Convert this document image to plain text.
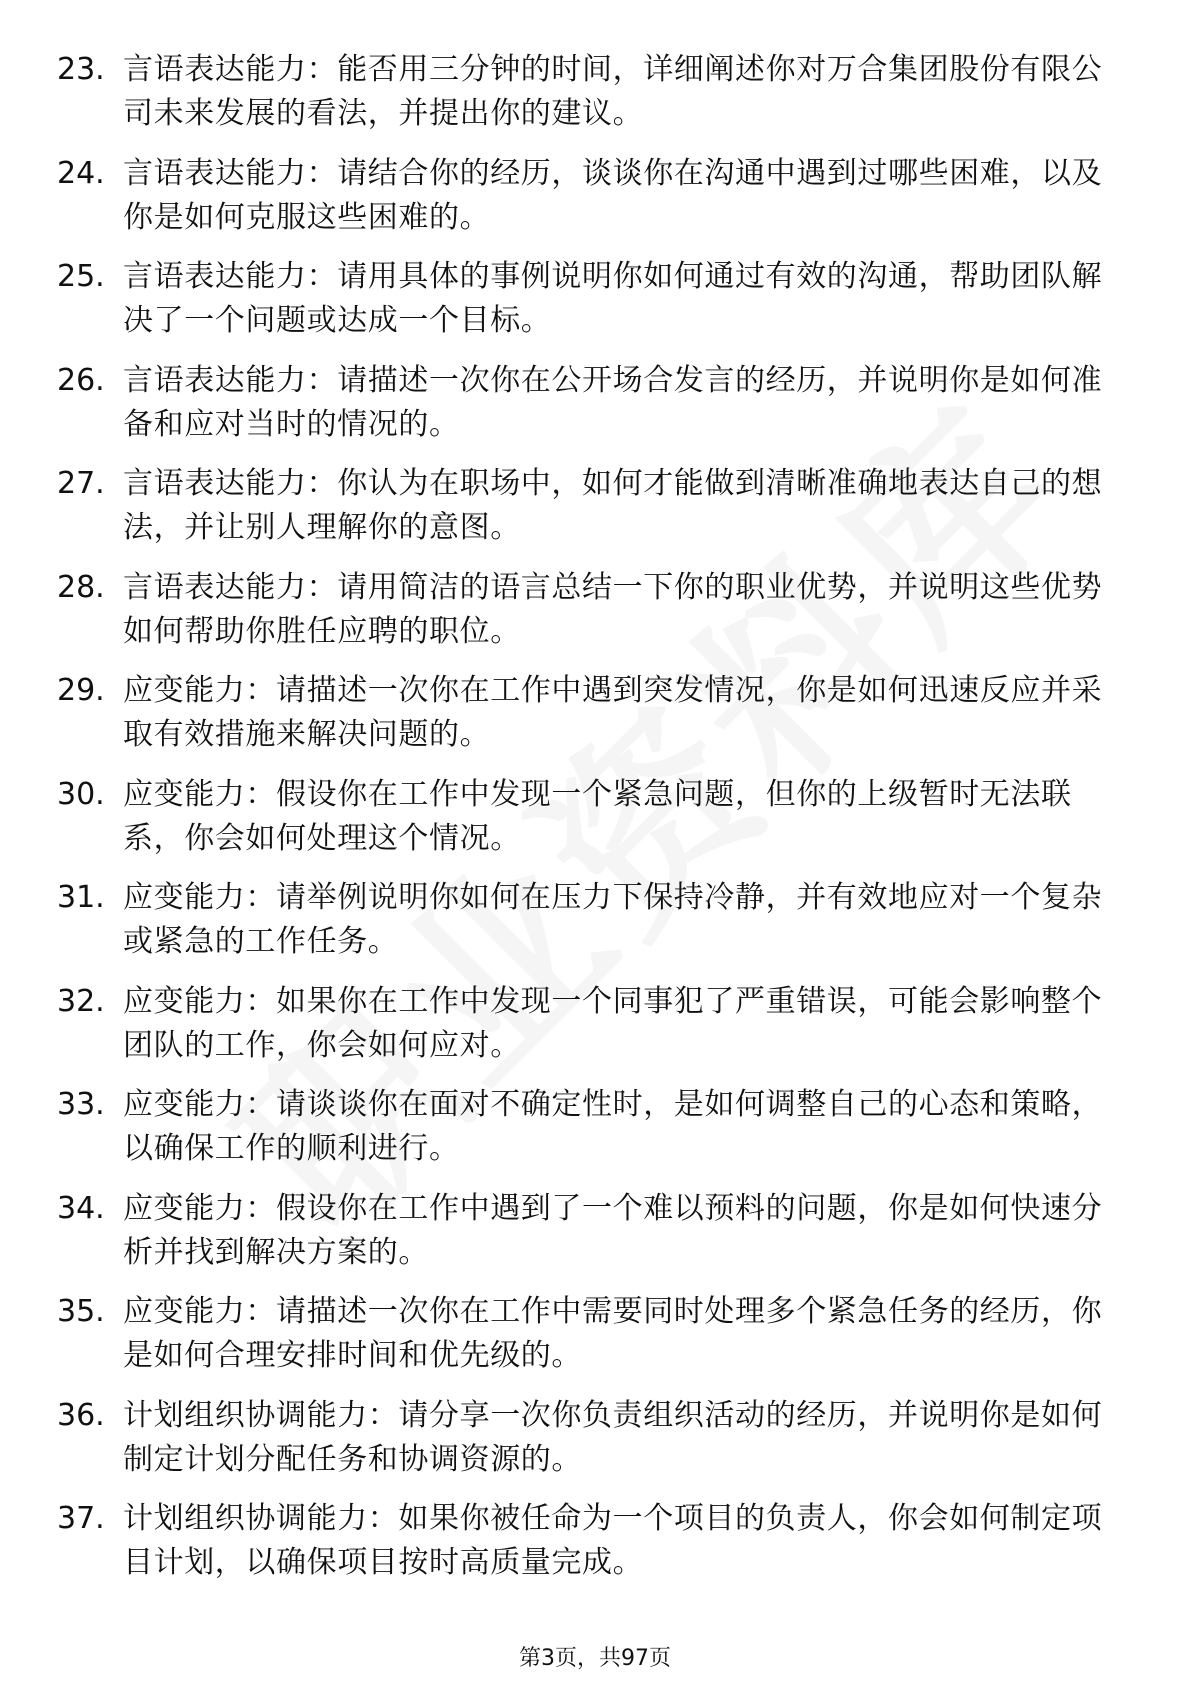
23. 言语表达能力：能否用三分钟的时间，详细阐述你对万合集团股份有限公司未来发展的看法，并提出你的建议。
24. 言语表达能力：请结合你的经历，谈谈你在沟通中遇到过哪些困难，以及你是如何克服这些困难的。
25. 言语表达能力：请用具体的事例说明你如何通过有效的沟通，帮助团队解决了一个问题或达成一个目标。
26. 言语表达能力：请描述一次你在公开场合发言的经历，并说明你是如何准备和应对当时的情况的。
27. 言语表达能力：你认为在职场中，如何才能做到清晰准确地表达自己的想法，并让别人理解你的意图。
28. 言语表达能力：请用简洁的语言总结一下你的职业优势，并说明这些优势如何帮助你胜任应聘的职位。
29. 应变能力：请描述一次你在工作中遇到突发情况，你是如何迅速反应并采取有效措施来解决问题的。
30. 应变能力：假设你在工作中发现一个紧急问题，但你的上级暂时无法联系，你会如何处理这个情况。
31. 应变能力：请举例说明你如何在压力下保持冷静，并有效地应对一个复杂或紧急的工作任务。
32. 应变能力：如果你在工作中发现一个同事犯了严重错误，可能会影响整个团队的工作，你会如何应对。
33. 应变能力：请谈谈你在面对不确定性时，是如何调整自己的心态和策略，以确保工作的顺利进行。
34. 应变能力：假设你在工作中遇到了一个难以预料的问题，你是如何快速分析并找到解决方案的。
35. 应变能力：请描述一次你在工作中需要同时处理多个紧急任务的经历，你是如何合理安排时间和优先级的。
36. 计划组织协调能力：请分享一次你负责组织活动的经历，并说明你是如何制定计划分配任务和协调资源的。
37. 计划组织协调能力：如果你被任命为一个项目的负责人，你会如何制定项目计划，以确保项目按时高质量完成。
第3页，共97页
